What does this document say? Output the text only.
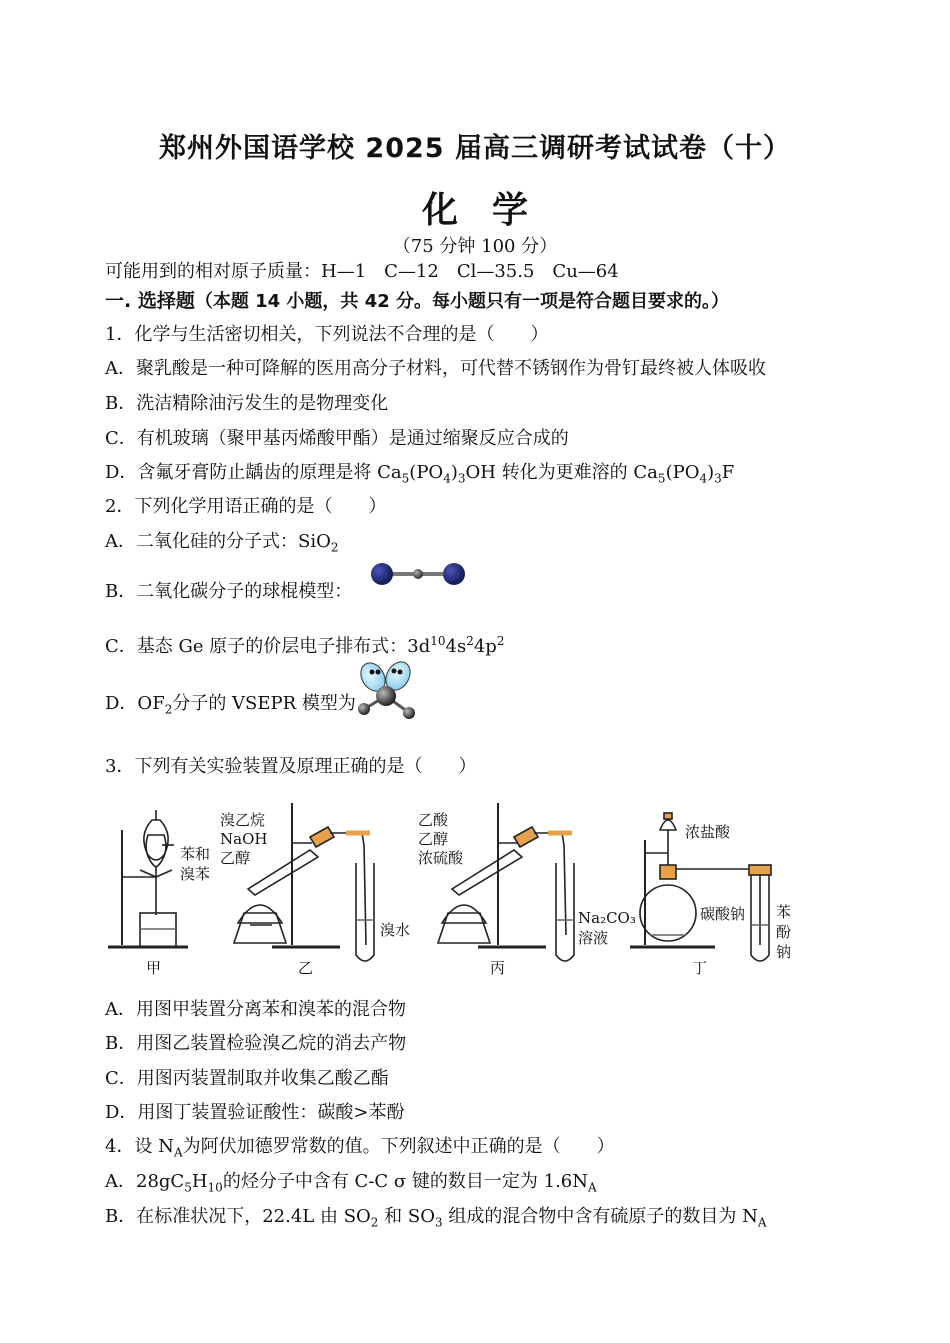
郑州外国语学校 2025 届高三调研考试试卷（十）
化学
（75 分钟 100 分）
可能用到的相对原子质量：H—1　C—12　Cl—35.5　Cu—64
一. 选择题（本题 14 小题，共 42 分。每小题只有一项是符合题目要求的。）
1．化学与生活密切相关，下列说法不合理的是（　　）
A．聚乳酸是一种可降解的医用高分子材料，可代替不锈钢作为骨钉最终被人体吸收
B．洗洁精除油污发生的是物理变化
C．有机玻璃（聚甲基丙烯酸甲酯）是通过缩聚反应合成的
D．含氟牙膏防止龋齿的原理是将 $Ca_5(PO_4)_3OH$ 转化为更难溶的 $Ca_5(PO_4)_3F$
2．下列化学用语正确的是（　　）
A．二氧化硅的分子式：SiO$_2$
B．二氧化碳分子的球棍模型：
C．基态 Ge 原子的价层电子排布式：$3d^{10}4s^24p^2$
D．$OF_2$分子的 VSEPR 模型为
3．下列有关实验装置及原理正确的是（　　）
苯和
溴苯
甲
溴乙烷
NaOH
乙醇
溴水
乙
乙酸
乙醇
浓硫酸
Na₂CO₃
溶液
丙
浓盐酸
碳酸钠 苯
酚
钠
丁
A．用图甲装置分离苯和溴苯的混合物
B．用图乙装置检验溴乙烷的消去产物
C．用图丙装置制取并收集乙酸乙酯
D．用图丁装置验证酸性：碳酸>苯酚
4．设 $N_A$为阿伏加德罗常数的值。下列叙述中正确的是（　　）
A．$28gC_5H_{10}$的烃分子中含有 C-C σ 键的数目一定为 $1.6N_A$
B．在标准状况下，22.4L 由 $SO_2$ 和 $SO_3$ 组成的混合物中含有硫原子的数目为 $N_A$
